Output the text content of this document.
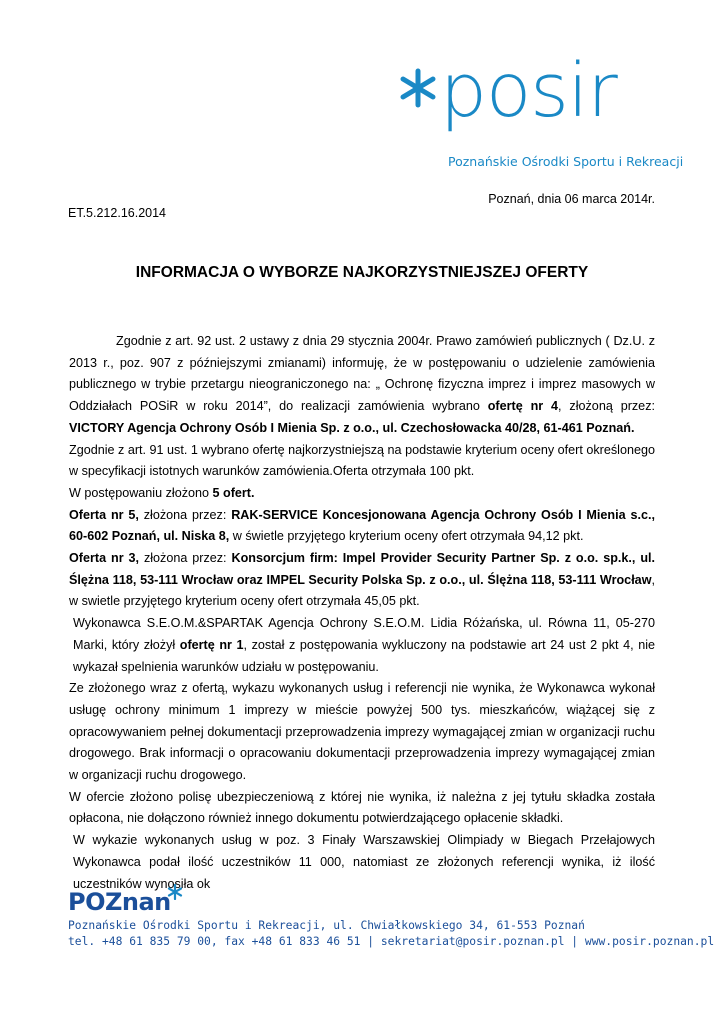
posir
Poznańskie Ośrodki Sportu i Rekreacji
Poznań, dnia 06 marca 2014r.
ET.5.212.16.2014
INFORMACJA O WYBORZE NAJKORZYSTNIEJSZEJ OFERTY

Zgodnie z art. 92 ust. 2 ustawy z dnia 29 stycznia 2004r. Prawo zamówień publicznych ( Dz.U. z 2013 r., poz. 907 z późniejszymi zmianami) informuję, że w postępowaniu o udzielenie zamówienia publicznego w trybie przetargu nieograniczonego na: „ Ochronę fizyczna imprez i imprez masowych w Oddziałach POSiR w roku 2014”, do realizacji zamówienia wybrano ofertę nr 4, złożoną przez: VICTORY Agencja Ochrony Osób I Mienia Sp. z o.o., ul. Czechosłowacka 40/28, 61-461 Poznań.

Zgodnie z art. 91 ust. 1 wybrano ofertę najkorzystniejszą na podstawie kryterium oceny ofert określonego w specyfikacji istotnych warunków zamówienia.Oferta otrzymała 100 pkt.

W postępowaniu złożono 5 ofert.

Oferta nr 5, złożona przez: RAK-SERVICE Koncesjonowana Agencja Ochrony Osób I Mienia s.c., 60-602 Poznań, ul. Niska 8, w świetle przyjętego kryterium oceny ofert otrzymała 94,12 pkt.

Oferta nr 3, złożona przez: Konsorcjum firm: Impel Provider Security Partner Sp. z o.o. sp.k., ul. Ślężna 118, 53-111 Wrocław oraz IMPEL Security Polska Sp. z o.o., ul. Ślężna 118, 53-111 Wrocław, w swietle przyjętego kryterium oceny ofert otrzymała 45,05 pkt.

Wykonawca S.E.O.M.&SPARTAK Agencja Ochrony S.E.O.M. Lidia Różańska, ul. Równa 11, 05-270 Marki, który złożył ofertę nr 1, został z postępowania wykluczony na podstawie art 24 ust 2 pkt 4, nie wykazał spelnienia warunków udziału w postępowaniu.

Ze złożonego wraz z ofertą, wykazu wykonanych usług i referencji nie wynika, że Wykonawca wykonał usługę ochrony minimum 1 imprezy w mieście powyżej 500 tys. mieszkańców, wiążącej się z opracowywaniem pełnej dokumentacji przeprowadzenia imprezy wymagającej zmian w organizacji ruchu drogowego. Brak informacji o opracowaniu dokumentacji przeprowadzenia imprezy wymagającej zmian w organizacji ruchu drogowego.

W ofercie złożono polisę ubezpieczeniową z której nie wynika, iż należna z jej tytułu składka została opłacona, nie dołączono również innego dokumentu potwierdzającego opłacenie składki.

W wykazie wykonanych usług w poz. 3 Finały Warszawskiej Olimpiady w Biegach Przełajowych Wykonawca podał ilość uczestników 11 000, natomiast ze złożonych referencji wynika, iż ilość uczestników wynosiła ok

POZnan
Poznańskie Ośrodki Sportu i Rekreacji, ul. Chwiałkowskiego 34, 61-553 Poznań
tel. +48 61 835 79 00, fax +48 61 833 46 51 | sekretariat@posir.poznan.pl | www.posir.poznan.pl
